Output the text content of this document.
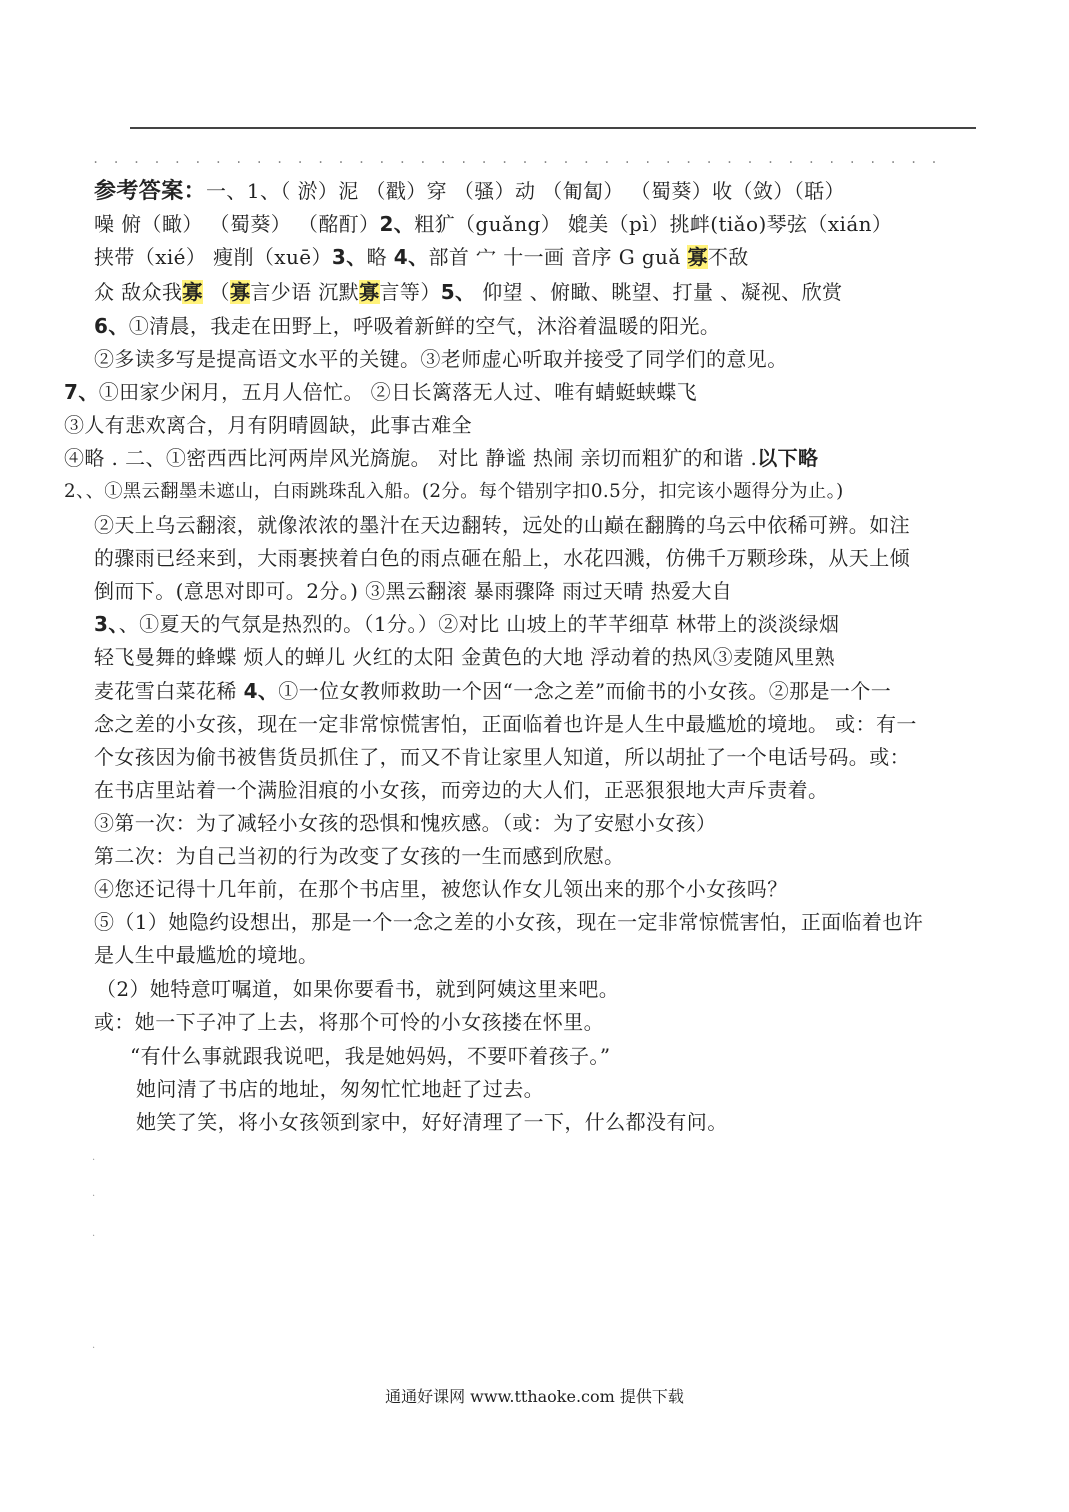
. . . . . . . . . . . . . . . . . . . . . . . . . . . . . . . . . . . . . . . . . .
参考答案：一、1、（ 淤）泥 （戳）穿 （骚）动 （匍匐） （蜀葵）收（敛）（聒）
噪 俯（瞰） （蜀葵） （酩酊）2、粗犷（guǎng） 媲美（pì）挑衅(tiǎo)琴弦（xián）
挟带（xié） 瘦削（xuē）3、略 4、部首 宀 十一画 音序 G guǎ 寡不敌
众 敌众我寡 （寡言少语 沉默寡言等）5、 仰望 、俯瞰、眺望、打量 、凝视、欣赏
6、①清晨，我走在田野上，呼吸着新鲜的空气，沐浴着温暖的阳光。
②多读多写是提高语文水平的关键。③老师虚心听取并接受了同学们的意见。
7、①田家少闲月，五月人倍忙。 ②日长篱落无人过、唯有蜻蜓蛱蝶飞
③人有悲欢离合，月有阴晴圆缺，此事古难全
④略 . 二、①密西西比河两岸风光旖旎。 对比 静谧 热闹 亲切而粗犷的和谐 .以下略
2、、①黑云翻墨未遮山，白雨跳珠乱入船。(2分。每个错别字扣0.5分，扣完该小题得分为止。)
②天上乌云翻滚，就像浓浓的墨汁在天边翻转，远处的山巅在翻腾的乌云中依稀可辨。如注
的骤雨已经来到，大雨裹挟着白色的雨点砸在船上，水花四溅，仿佛千万颗珍珠，从天上倾
倒而下。(意思对即可。2分。) ③黑云翻滚 暴雨骤降 雨过天晴 热爱大自
3、、①夏天的气氛是热烈的。（1分。）②对比 山坡上的芊芊细草 林带上的淡淡绿烟
轻飞曼舞的蜂蝶 烦人的蝉儿 火红的太阳 金黄色的大地 浮动着的热风③麦随风里熟
麦花雪白菜花稀 4、①一位女教师救助一个因“一念之差”而偷书的小女孩。②那是一个一
念之差的小女孩，现在一定非常惊慌害怕，正面临着也许是人生中最尴尬的境地。 或：有一
个女孩因为偷书被售货员抓住了，而又不肯让家里人知道，所以胡扯了一个电话号码。或：
在书店里站着一个满脸泪痕的小女孩，而旁边的大人们，正恶狠狠地大声斥责着。
③第一次：为了减轻小女孩的恐惧和愧疚感。（或：为了安慰小女孩）
第二次：为自己当初的行为改变了女孩的一生而感到欣慰。
④您还记得十几年前，在那个书店里，被您认作女儿领出来的那个小女孩吗？
⑤（1）她隐约设想出，那是一个一念之差的小女孩，现在一定非常惊慌害怕，正面临着也许
是人生中最尴尬的境地。
（2）她特意叮嘱道，如果你要看书，就到阿姨这里来吧。
或：她一下子冲了上去，将那个可怜的小女孩搂在怀里。
“有什么事就跟我说吧，我是她妈妈，不要吓着孩子。”
她问清了书店的地址，匆匆忙忙地赶了过去。
她笑了笑，将小女孩领到家中，好好清理了一下，什么都没有问。
.
.
.
.
通通好课网 www.tthaoke.com 提供下载
